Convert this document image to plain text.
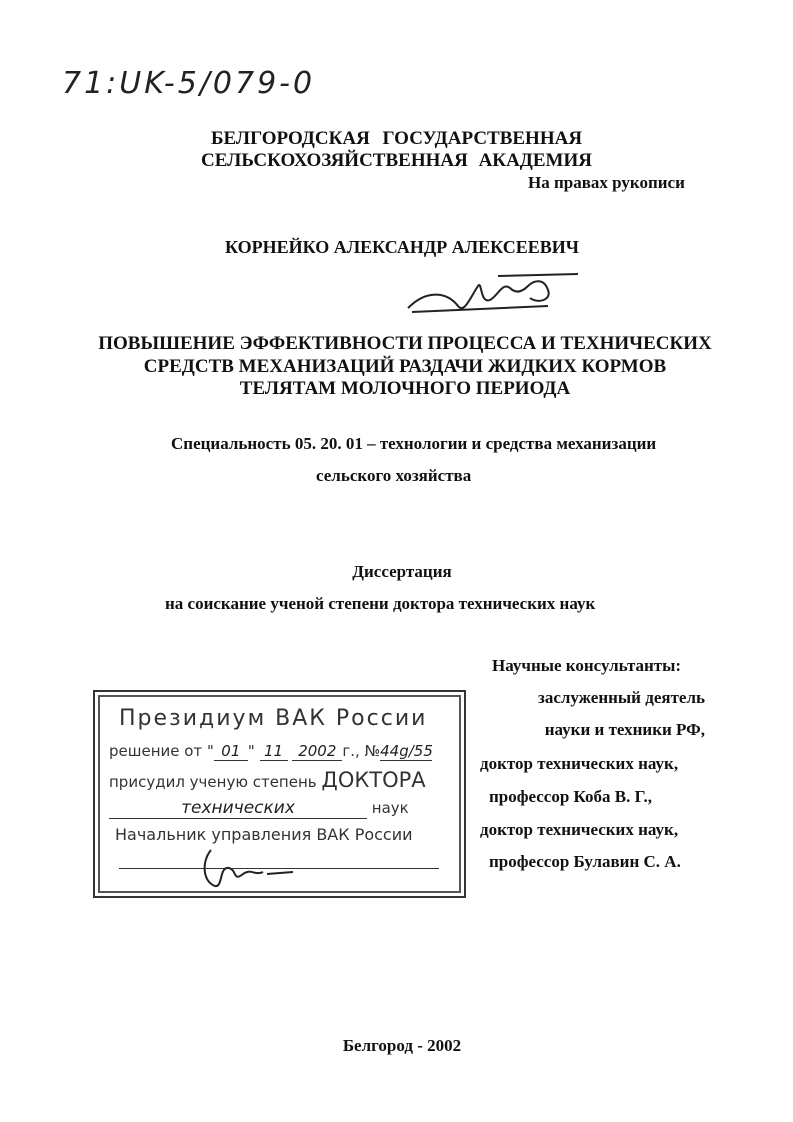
71:UK-5/079-0
БЕЛГОРОДСКАЯ ГОСУДАРСТВЕННАЯ
СЕЛЬСКОХОЗЯЙСТВЕННАЯ АКАДЕМИЯ
На правах рукописи
КОРНЕЙКО АЛЕКСАНДР АЛЕКСЕЕВИЧ
ПОВЫШЕНИЕ ЭФФЕКТИВНОСТИ ПРОЦЕССА И ТЕХНИЧЕСКИХ
СРЕДСТВ МЕХАНИЗАЦИЙ РАЗДАЧИ ЖИДКИХ КОРМОВ
ТЕЛЯТАМ МОЛОЧНОГО ПЕРИОДА
Специальность 05. 20. 01 – технологии и средства механизации
сельского хозяйства
Диссертация
на соискание ученой степени доктора технических наук
Научные консультанты:
заслуженный деятель
науки и техники РФ,
доктор технических наук,
профессор Коба В. Г.,
доктор технических наук,
профессор Булавин С. А.
Президиум ВАК России
решение от " 01 " 11 2002 г., №44g/55
присудил ученую степень ДОКТОРА
технических	наук
Начальник управления ВАК России
Белгород - 2002
